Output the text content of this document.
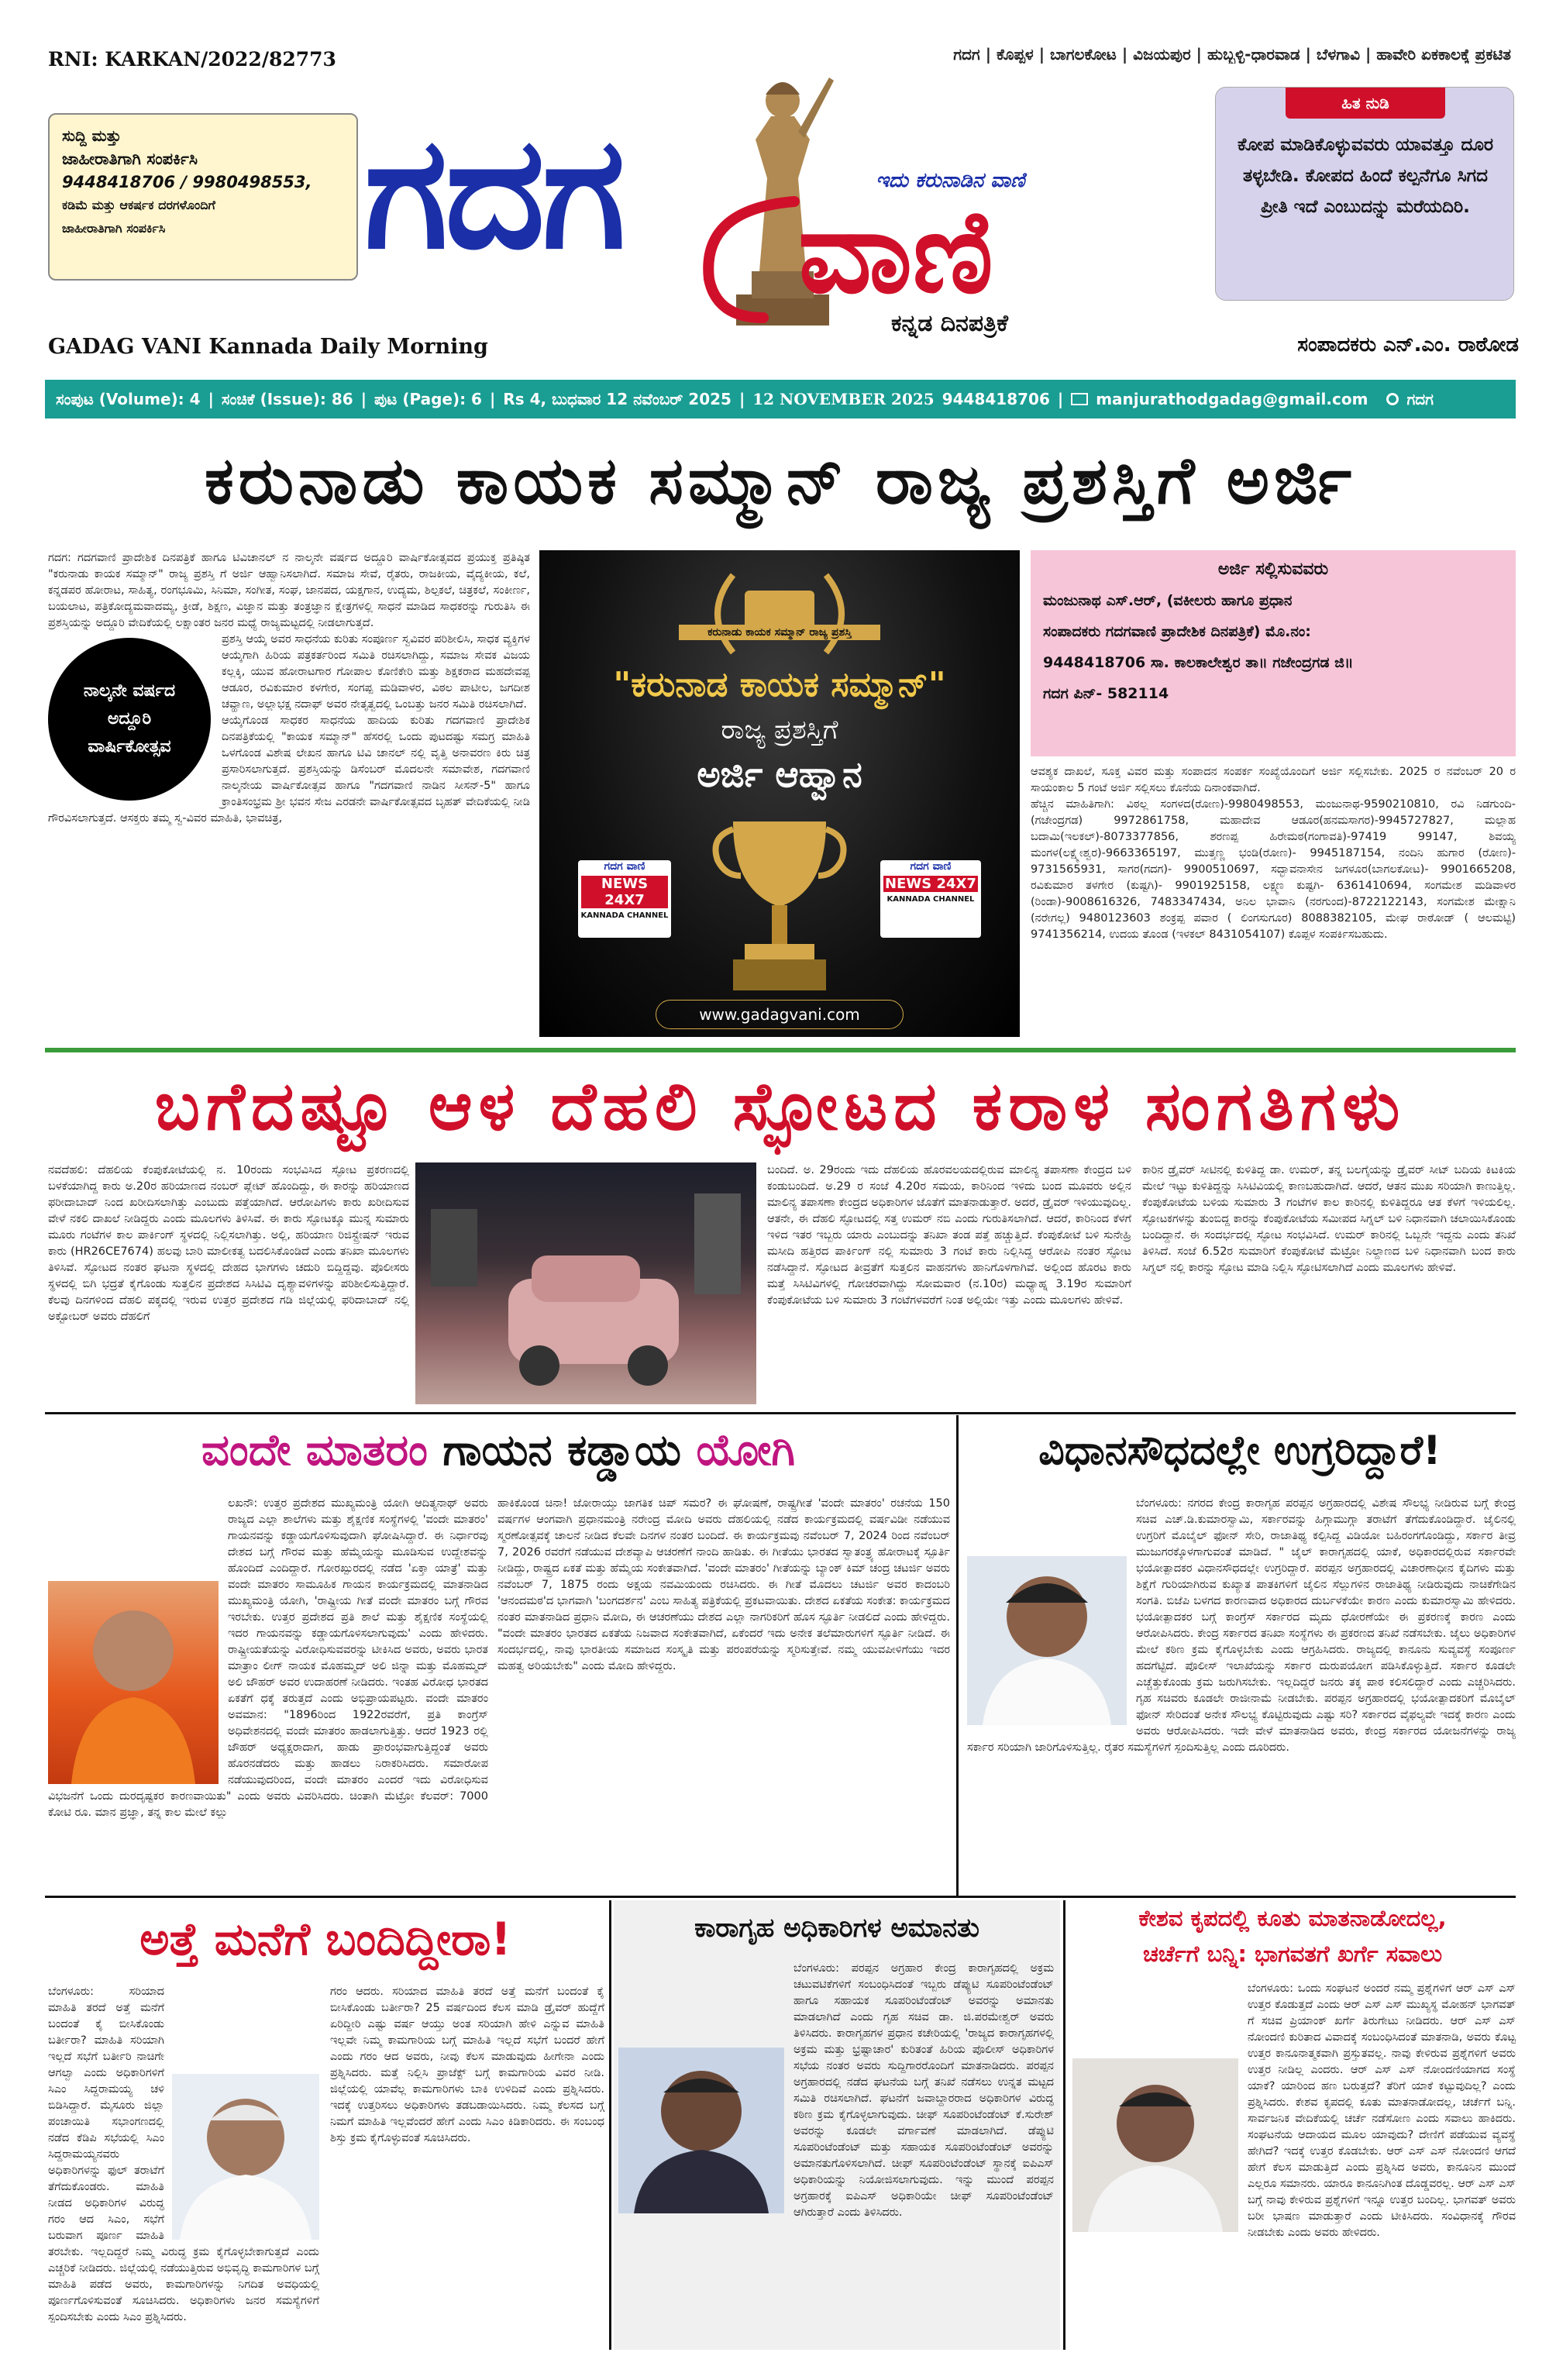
RNI: KARKAN/2022/82773	ಗದಗ | ಕೊಪ್ಪಳ | ಬಾಗಲಕೋಟ | ವಿಜಯಪುರ | ಹುಬ್ಬಳ್ಳಿ-ಧಾರವಾಡ | ಬೆಳಗಾವಿ | ಹಾವೇರಿ ಏಕಕಾಲಕ್ಕೆ ಪ್ರಕಟಿತ
ಸುದ್ದಿ ಮತ್ತು
ಜಾಹೀರಾತಿಗಾಗಿ ಸಂಪರ್ಕಿಸಿ
9448418706 / 9980498553,
ಕಡಿಮೆ ಮತ್ತು ಆಕರ್ಷಕ ದರಗಳೊಂದಿಗೆ
ಜಾಹೀರಾತಿಗಾಗಿ ಸಂಪರ್ಕಿಸಿ
GADAG VANI Kannada Daily Morning
ಗದಗ	ಇದು ಕರುನಾಡಿನ ವಾಣಿ
ವಾಣಿ
ಕನ್ನಡ ದಿನಪತ್ರಿಕೆ
ಹಿತ ನುಡಿ
ಕೋಪ ಮಾಡಿಕೊಳ್ಳುವವರು ಯಾವತ್ತೂ ದೂರ ತಳ್ಳಬೇಡಿ. ಕೋಪದ ಹಿಂದೆ ಕಲ್ಪನೆಗೂ ಸಿಗದ ಪ್ರೀತಿ ಇದೆ ಎಂಬುದನ್ನು ಮರೆಯದಿರಿ.
ಸಂಪಾದಕರು ಎನ್.ಎಂ. ರಾಠೋಡ
ಸಂಪುಟ (Volume): 4 | ಸಂಚಿಕೆ (Issue): 86 | ಪುಟ (Page): 6 | Rs 4, ಬುಧವಾರ 12 ನವೆಂಬರ್ 2025 | 12 NOVEMBER 2025 9448418706 | manjurathodgadag@gmail.com	ಗದಗ
ಕರುನಾಡು ಕಾಯಕ ಸಮ್ಮಾನ್ ರಾಜ್ಯ ಪ್ರಶಸ್ತಿಗೆ ಅರ್ಜಿ

ಗದಗ: ಗದಗವಾಣಿ ಪ್ರಾದೇಶಿಕ ದಿನಪತ್ರಿಕೆ ಹಾಗೂ ಟಿವಿಚಾನಲ್ ನ ನಾಲ್ಕನೇ ವರ್ಷದ ಅದ್ದೂರಿ ವಾರ್ಷಿಕೋತ್ಸವದ ಪ್ರಯುಕ್ತ ಪ್ರತಿಷ್ಠಿತ "ಕರುನಾಡು ಕಾಯಕ ಸಮ್ಮಾನ್" ರಾಜ್ಯ ಪ್ರಶಸ್ತಿ ಗೆ ಅರ್ಜಿ ಆಹ್ವಾನಿಸಲಾಗಿದೆ. ಸಮಾಜ ಸೇವೆ, ರೈತರು, ರಾಜಕೀಯ, ವೈದ್ಯಕೀಯ, ಕಲೆ, ಕನ್ನಡಪರ ಹೋರಾಟ, ಸಾಹಿತ್ಯ, ರಂಗಭೂಮಿ, ಸಿನಿಮಾ, ಸಂಗೀತ, ಸಂಘ, ಜಾನಪದ, ಯಕ್ಷಗಾನ, ಉದ್ಯಮ, ಶಿಲ್ಪಕಲೆ, ಚಿತ್ರಕಲೆ, ಸಂಕೀರ್ಣ, ಬಯಲಾಟ, ಪತ್ರಿಕೋದ್ಯಮವಾದಮ್ಯ, ಕ್ರೀಡೆ, ಶಿಕ್ಷಣ, ವಿಜ್ಞಾನ ಮತ್ತು ತಂತ್ರಜ್ಞಾನ ಕ್ಷೇತ್ರಗಳಲ್ಲಿ ಸಾಧನೆ ಮಾಡಿದ ಸಾಧಕರನ್ನು ಗುರುತಿಸಿ ಈ ಪ್ರಶಸ್ತಿಯನ್ನು ಅದ್ದೂರಿ ವೇದಿಕೆಯಲ್ಲಿ ಲಕ್ಷಾಂತರ ಜನರ ಮಧ್ಯೆ ರಾಜ್ಯಮಟ್ಟದಲ್ಲಿ ನೀಡಲಾಗುತ್ತದೆ.

ನಾಲ್ಕನೇ ವರ್ಷದ ಅದ್ದೂರಿ ವಾರ್ಷಿಕೋತ್ಸವ

ಪ್ರಶಸ್ತಿ ಆಯ್ಕೆ ಅವರ ಸಾಧನೆಯ ಕುರಿತು ಸಂಪೂರ್ಣ ಸ್ವವಿವರ ಪರಿಶೀಲಿಸಿ, ಸಾಧಕ ವ್ಯಕ್ತಿಗಳ ಆಯ್ಕೆಗಾಗಿ ಹಿರಿಯ ಪತ್ರಕರ್ತರಿಂದ ಸಮಿತಿ ರಚಿಸಲಾಗಿದ್ದು, ಸಮಾಜ ಸೇವಕ ವಿಜಯ ಕಲ್ಲಕ್ಕಿ, ಯುವ ಹೋರಾಟಗಾರ ಗೋಪಾಲ ಕೊಣಿಕೇರಿ ಮತ್ತು ಶಿಕ್ಷಕರಾದ ಮಹದೇವಪ್ಪ ಆಡೂರ, ರವಿಕುಮಾರ ಕಳಗೇರ, ಸಂಗಪ್ಪ ಮಡಿವಾಳರ, ವಿಠಲ ಪಾಟೀಲ, ಜಗದೀಶ ಚವ್ಹಾಣ, ಅಲ್ಲಾಭಕ್ಷ ನದಾಫ್ ಅವರ ನೇತೃತ್ವದಲ್ಲಿ ಒಂಬತ್ತು ಜನರ ಸಮಿತಿ ರಚಿಸಲಾಗಿದೆ.

ಆಯ್ಕೆಗೊಂಡ ಸಾಧಕರ ಸಾಧನೆಯ ಹಾದಿಯ ಕುರಿತು ಗದಗವಾಣಿ ಪ್ರಾದೇಶಿಕ ದಿನಪತ್ರಿಕೆಯಲ್ಲಿ "ಕಾಯಕ ಸಮ್ಮಾನ್" ಹೆಸರಲ್ಲಿ ಒಂದು ಪುಟದಷ್ಟು ಸಮಗ್ರ ಮಾಹಿತಿ ಒಳಗೊಂಡ ವಿಶೇಷ ಲೇಖನ ಹಾಗೂ ಟಿವಿ ಚಾನಲ್ ನಲ್ಲಿ ವೃತ್ತಿ ಅನಾವರಣ ಕಿರು ಚಿತ್ರ ಪ್ರಸಾರಿಸಲಾಗುತ್ತದೆ. ಪ್ರಶಸ್ತಿಯನ್ನು ಡಿಸೆಂಬರ್ ಮೊದಲನೇ ಸಮಾವೇಶ, ಗದಗವಾಣಿ ನಾಲ್ಕನೇಯ ವಾರ್ಷಿಕೋತ್ಸವ ಹಾಗೂ "ಗದಗವಾಣಿ ನಾಡಿನ ಸೀಸನ್-5" ಹಾಗೂ ಕ್ರಾಂತಿಸಂಭ್ರಮ ಶ್ರೀ ಭವನ ಸೇಜ ಎರಡನೇ ವಾರ್ಷಿಕೋತ್ಸವದ ಬೃಹತ್ ವೇದಿಕೆಯಲ್ಲಿ ನೀಡಿ ಗೌರವಿಸಲಾಗುತ್ತದೆ. ಆಸಕ್ತರು ತಮ್ಮ ಸ್ವ-ವಿವರ ಮಾಹಿತಿ, ಭಾವಚಿತ್ರ,

ಕರುನಾಡು ಕಾಯಕ ಸಮ್ಮಾನ್ ರಾಜ್ಯ ಪ್ರಶಸ್ತಿ
"ಕರುನಾಡ ಕಾಯಕ ಸಮ್ಮಾನ್"
ರಾಜ್ಯ ಪ್ರಶಸ್ತಿಗೆ
ಅರ್ಜಿ ಆಹ್ವಾನ
ಗದಗ ವಾಣಿ
NEWS 24X7
KANNADA CHANNEL
ಗದಗ ವಾಣಿ
NEWS 24X7
KANNADA CHANNEL
www.gadagvani.com
ಅರ್ಜಿ ಸಲ್ಲಿಸುವವರು
ಮಂಜುನಾಥ ಎಸ್.ಆರ್, (ವಕೀಲರು ಹಾಗೂ ಪ್ರಧಾನ
ಸಂಪಾದಕರು ಗದಗವಾಣಿ ಪ್ರಾದೇಶಿಕ ದಿನಪತ್ರಿಕೆ) ಮೊ.ನಂ:
9448418706 ಸಾ. ಕಾಲಕಾಲೇಶ್ವರ ತಾ॥ ಗಜೇಂದ್ರಗಡ ಜಿ॥
ಗದಗ ಪಿನ್- 582114

ಆವಶ್ಯಕ ದಾಖಲೆ, ಸೂಕ್ತ ವಿವರ ಮತ್ತು ಸಂಪಾದನ ಸಂಪರ್ಕ ಸಂಖ್ಯೆಯೊಂದಿಗೆ ಅರ್ಜಿ ಸಲ್ಲಿಸಬೇಕು. 2025 ರ ನವೆಂಬರ್ 20 ರ ಸಾಯಂಕಾಲ 5 ಗಂಟೆ ಅರ್ಜಿ ಸಲ್ಲಿಸಲು ಕೊನೆಯ ದಿನಾಂಕವಾಗಿದೆ.

ಹೆಚ್ಚಿನ ಮಾಹಿತಿಗಾಗಿ: ವಿಠಲ್ಲ ಸಂಗಳದ(ರೋಣ)-9980498553, ಮಂಜುನಾಥ-9590210810, ರವಿ ನಿಡಗುಂದಿ-(ಗಜೇಂದ್ರಗಡ) 9972861758, ಮಹಾದೇವ ಆಡೂರ(ಹನಮಸಾಗರ)-9945727827, ಮಲ್ಲಾಹ ಬದಾಮಿ(ಇಲಕಲ್)-8073377856, ಶರಣಪ್ಪ ಹಿರೇಮಠ(ಗಂಗಾವತಿ)-97419 99147, ಶಿವಯ್ಯ ಮಂಗಳ(ಲಕ್ಷ್ಮೇಶ್ವರ)-9663365197, ಮುತ್ತಣ್ಣ ಭಂಡಿ(ರೋಣ)- 9945187154, ನಂದಿನಿ ಹುಗಾರ (ರೋಣ)- 9731565931, ಸಾಗರ(ಗದಗ)- 9900510697, ಸದ್ಭಾವನಾಸೇನ ಜಗಳೂರ(ಬಾಗಲಕೋಟ)- 9901665208, ರವಿಕುಮಾರ ತಳಗೇರ (ಕುಷ್ಟಗಿ)- 9901925158, ಲಕ್ಷ್ಮಣ ಕುಷ್ಟಗಿ- 6361410694, ಸಂಗಮೇಶ ಮಡಿವಾಳರ (ರಿಂಡಾ)-9008616326, 7483347434, ಅನಿಲ ಭಾವಾನಿ (ನರಗುಂದ)-8722122143, ಸಂಗಮೇಶ ಮೇಕ್ಷಾನಿ (ನರೇಗಲ್ಲ) 9480123603 ಶಂಕ್ರಪ್ಪ ಪವಾರ ( ಲಿಂಗಸುಗೂರ) 8088382105, ಮೇಘ ರಾಠೋಡ್ ( ಆಲಮಟ್ಟಿ) 9741356214, ಉದಯ ತೊಂಡ (ಇಳಕಲ್ 8431054107) ಕೊಪ್ಪಳ ಸಂಪರ್ಕಿಸಬಹುದು.

ಬಗೆದಷ್ಟೂ ಆಳ ದೆಹಲಿ ಸ್ಫೋಟದ ಕರಾಳ ಸಂಗತಿಗಳು

ನವದೆಹಲಿ: ದೆಹಲಿಯ ಕೆಂಪುಕೋಟೆಯಲ್ಲಿ ನ. 10ರಂದು ಸಂಭವಿಸಿದ ಸ್ಫೋಟ ಪ್ರಕರಣದಲ್ಲಿ ಬಳಕೆಯಾಗಿದ್ದ ಕಾರು ಅ.20ರ ಹರಿಯಾಣದ ನಂಬರ್ ಪ್ಲೇಟ್ ಹೊಂದಿದ್ದು, ಈ ಕಾರನ್ನು ಹರಿಯಾಣದ ಫರೀದಾಬಾದ್ ನಿಂದ ಖರೀದಿಸಲಾಗಿತ್ತು ಎಂಬುದು ಪತ್ತೆಯಾಗಿದೆ. ಆರೋಪಿಗಳು ಕಾರು ಖರೀದಿಸುವ ವೇಳೆ ನಕಲಿ ದಾಖಲೆ ನೀಡಿದ್ದರು ಎಂದು ಮೂಲಗಳು ತಿಳಿಸಿವೆ. ಈ ಕಾರು ಸ್ಫೋಟಕ್ಕೂ ಮುನ್ನ ಸುಮಾರು ಮೂರು ಗಂಟೆಗಳ ಕಾಲ ಪಾರ್ಕಿಂಗ್ ಸ್ಥಳದಲ್ಲಿ ನಿಲ್ಲಿಸಲಾಗಿತ್ತು. ಅಲ್ಲಿ, ಹರಿಯಾಣ ರಿಜಿಸ್ಟ್ರೇಷನ್ ಇರುವ ಕಾರು (HR26CE7674) ಹಲವು ಬಾರಿ ಮಾಲೀಕತ್ವ ಬದಲಿಸಿಕೊಂಡಿದೆ ಎಂದು ತನಿಖಾ ಮೂಲಗಳು ತಿಳಿಸಿವೆ. ಸ್ಫೋಟದ ನಂತರ ಘಟನಾ ಸ್ಥಳದಲ್ಲಿ ದೇಹದ ಭಾಗಗಳು ಚದುರಿ ಬಿದ್ದಿದ್ದವು. ಪೊಲೀಸರು ಸ್ಥಳದಲ್ಲಿ ಬಿಗಿ ಭದ್ರತೆ ಕೈಗೊಂಡು ಸುತ್ತಲಿನ ಪ್ರದೇಶದ ಸಿಸಿಟಿವಿ ದೃಶ್ಯಾವಳಿಗಳನ್ನು ಪರಿಶೀಲಿಸುತ್ತಿದ್ದಾರೆ. ಕೆಲವು ದಿನಗಳಿಂದ ದೆಹಲಿ ಪಕ್ಕದಲ್ಲಿ ಇರುವ ಉತ್ತರ ಪ್ರದೇಶದ ಗಡಿ ಜಿಲ್ಲೆಯಲ್ಲಿ ಫರಿದಾಬಾದ್ ನಲ್ಲಿ ಅಕ್ಟೋಬರ್ ಅವರು ದೆಹಲಿಗೆ

ಬಂದಿದೆ. ಅ. 29ರಂದು ಇದು ದೆಹಲಿಯ ಹೊರವಲಯದಲ್ಲಿರುವ ಮಾಲಿನ್ಯ ತಪಾಸಣಾ ಕೇಂದ್ರದ ಬಳಿ ಕಂಡುಬಂದಿದೆ. ಅ.29 ರ ಸಂಜೆ 4.20ರ ಸಮಯ, ಕಾರಿನಿಂದ ಇಳಿದು ಬಂದ ಮೂವರು ಅಲ್ಲಿನ ಮಾಲಿನ್ಯ ತಪಾಸಣಾ ಕೇಂದ್ರದ ಅಧಿಕಾರಿಗಳ ಜೊತೆಗೆ ಮಾತನಾಡುತ್ತಾರೆ. ಅದರೆ, ಡ್ರೈವರ್ ಇಳಿಯುವುದಿಲ್ಲ. ಆತನೇ, ಈ ದೆಹಲಿ ಸ್ಫೋಟದಲ್ಲಿ ಸತ್ತ ಉಮರ್ ನಬಿ ಎಂದು ಗುರುತಿಸಲಾಗಿದೆ. ಆದರೆ, ಕಾರಿನಿಂದ ಕೆಳಗೆ ಇಳಿದ ಇತರ ಇಬ್ಬರು ಯಾರು ಎಂಬುದನ್ನು ತನಿಖಾ ತಂಡ ಪತ್ತೆ ಹಚ್ಚುತ್ತಿದೆ. ಕೆಂಪುಕೋಟೆ ಬಳಿ ಸುನೇಹ್ರಿ ಮಸೀದಿ ಹತ್ತಿರದ ಪಾರ್ಕಿಂಗ್ ನಲ್ಲಿ ಸುಮಾರು 3 ಗಂಟೆ ಕಾರು ನಿಲ್ಲಿಸಿದ್ದ ಆರೋಪಿ ನಂತರ ಸ್ಫೋಟ ನಡೆಸಿದ್ದಾನೆ. ಸ್ಫೋಟದ ತೀವ್ರತೆಗೆ ಸುತ್ತಲಿನ ವಾಹನಗಳು ಹಾನಿಗೊಳಗಾಗಿವೆ. ಅಲ್ಲಿಂದ ಹೊರಟ ಕಾರು ಮತ್ತೆ ಸಿಸಿಟಿವಿಗಳಲ್ಲಿ ಗೋಚರವಾಗಿದ್ದು ಸೋಮವಾರ (ನ.10ರ) ಮಧ್ಯಾಹ್ನ 3.19ರ ಸುಮಾರಿಗೆ ಕೆಂಪುಕೋಟೆಯ ಬಳಿ ಸುಮಾರು 3 ಗಂಟೆಗಳವರೆಗೆ ನಿಂತ ಅಲ್ಲಿಯೇ ಇತ್ತು ಎಂದು ಮೂಲಗಳು ಹೇಳಿವೆ.

ಕಾರಿನ ಡ್ರೈವರ್ ಸೀಟಿನಲ್ಲಿ ಕುಳಿತಿದ್ದ ಡಾ. ಉಮರ್, ತನ್ನ ಬಲಗೈಯನ್ನು ಡ್ರೈವರ್ ಸೀಟ್ ಬದಿಯ ಕಿಟಕಿಯ ಮೇಲೆ ಇಟ್ಟು ಕುಳಿತಿದ್ದನ್ನು ಸಿಸಿಟಿವಿಯಲ್ಲಿ ಕಾಣಬಹುದಾಗಿದೆ. ಆದರೆ, ಆತನ ಮುಖ ಸರಿಯಾಗಿ ಕಾಣುತ್ತಿಲ್ಲ. ಕೆಂಪುಕೋಟೆಯ ಬಳಿಯ ಸುಮಾರು 3 ಗಂಟೆಗಳ ಕಾಲ ಕಾರಿನಲ್ಲಿ ಕುಳಿತಿದ್ದರೂ ಆತ ಕೆಳಗೆ ಇಳಿಯಲಿಲ್ಲ. ಸ್ಫೋಟಕಗಳನ್ನು ತುಂಬಿದ್ದ ಕಾರನ್ನು ಕೆಂಪುಕೋಟೆಯ ಸಮೀಪದ ಸಿಗ್ನಲ್ ಬಳಿ ನಿಧಾನವಾಗಿ ಚಲಾಯಿಸಿಕೊಂಡು ಬಂದಿದ್ದಾನೆ. ಈ ಸಂದರ್ಭದಲ್ಲಿ ಸ್ಫೋಟ ಸಂಭವಿಸಿದೆ. ಉಮರ್ ಕಾರಿನಲ್ಲಿ ಒಬ್ಬನೇ ಇದ್ದನು ಎಂದು ತನಿಖೆ ತಿಳಿಸಿದೆ. ಸಂಜೆ 6.52ರ ಸುಮಾರಿಗೆ ಕೆಂಪುಕೋಟೆ ಮೆಟ್ರೋ ನಿಲ್ದಾಣದ ಬಳಿ ನಿಧಾನವಾಗಿ ಬಂದ ಕಾರು ಸಿಗ್ನಲ್ ನಲ್ಲಿ ಕಾರನ್ನು ಸ್ಫೋಟ ಮಾಡಿ ನಿಲ್ಲಿಸಿ ಸ್ಫೋಟಿಸಲಾಗಿದೆ ಎಂದು ಮೂಲಗಳು ಹೇಳಿವೆ.

ವಂದೇ ಮಾತರಂ ಗಾಯನ ಕಡ್ಡಾಯ ಯೋಗಿ

ಲಖನೌ: ಉತ್ತರ ಪ್ರದೇಶದ ಮುಖ್ಯಮಂತ್ರಿ ಯೋಗಿ ಆದಿತ್ಯನಾಥ್ ಅವರು ರಾಜ್ಯದ ಎಲ್ಲಾ ಶಾಲೆಗಳು ಮತ್ತು ಶೈಕ್ಷಣಿಕ ಸಂಸ್ಥೆಗಳಲ್ಲಿ 'ವಂದೇ ಮಾತರಂ' ಗಾಯನವನ್ನು ಕಡ್ಡಾಯಗೊಳಿಸುವುದಾಗಿ ಘೋಷಿಸಿದ್ದಾರೆ. ಈ ನಿರ್ಧಾರವು ದೇಶದ ಬಗ್ಗೆ ಗೌರವ ಮತ್ತು ಹೆಮ್ಮೆಯನ್ನು ಮೂಡಿಸುವ ಉದ್ದೇಶವನ್ನು ಹೊಂದಿದೆ ಎಂದಿದ್ದಾರೆ. ಗೋರಖ್ಪುರದಲ್ಲಿ ನಡೆದ 'ಏಕ್ತಾ ಯಾತ್ರೆ' ಮತ್ತು ವಂದೇ ಮಾತರಂ ಸಾಮೂಹಿಕ ಗಾಯನ ಕಾರ್ಯಕ್ರಮದಲ್ಲಿ ಮಾತನಾಡಿದ ಮುಖ್ಯಮಂತ್ರಿ ಯೋಗಿ, 'ರಾಷ್ಟ್ರೀಯ ಗೀತೆ ವಂದೇ ಮಾತರಂ ಬಗ್ಗೆ ಗೌರವ ಇರಬೇಕು. ಉತ್ತರ ಪ್ರದೇಶದ ಪ್ರತಿ ಶಾಲೆ ಮತ್ತು ಶೈಕ್ಷಣಿಕ ಸಂಸ್ಥೆಯಲ್ಲಿ ಇದರ ಗಾಯನವನ್ನು ಕಡ್ಡಾಯಗೊಳಿಸಲಾಗುವುದು' ಎಂದು ಹೇಳಿದರು. ರಾಷ್ಟ್ರೀಯತೆಯನ್ನು ವಿರೋಧಿಸುವವರನ್ನು ಟೀಕಿಸಿದ ಅವರು, ಅವರು ಭಾರತ ಮಾತ್ರಾಂ ಲೀಗ್ ನಾಯಕ ಮೊಹಮ್ಮದ್ ಅಲಿ ಜಿನ್ನಾ ಮತ್ತು ಮೊಹಮ್ಮದ್ ಅಲಿ ಜೌಹರ್ ಅವರ ಉದಾಹರಣೆ ನೀಡಿದರು. ಇಂತಹ ವಿರೋಧ ಭಾರತದ ಏಕತೆಗೆ ಧಕ್ಕೆ ತರುತ್ತದೆ ಎಂದು ಅಭಿಪ್ರಾಯಪಟ್ಟರು. ವಂದೇ ಮಾತರಂ ಅವಮಾನ: "1896ರಿಂದ 1922ರವರೆಗೆ, ಪ್ರತಿ ಕಾಂಗ್ರೆಸ್ ಅಧಿವೇಶನದಲ್ಲಿ ವಂದೇ ಮಾತರಂ ಹಾಡಲಾಗುತ್ತಿತ್ತು. ಆದರೆ 1923 ರಲ್ಲಿ ಜೌಹರ್ ಅಧ್ಯಕ್ಷರಾದಾಗ, ಹಾಡು ಪ್ರಾರಂಭವಾಗುತ್ತಿದ್ದಂತೆ ಅವರು ಹೊರನಡೆದರು ಮತ್ತು ಹಾಡಲು ನಿರಾಕರಿಸಿದರು. ಸಮಾರೋಪ ನಡೆಯುವುದರಿಂದ, ವಂದೇ ಮಾತರಂ ಎಂದರೆ ಇದು ವಿರೋಧಿಸುವ ವಿಭಜನೆಗೆ ಒಂದು ದುರದೃಷ್ಟಕರ ಕಾರಣವಾಯಿತು" ಎಂದು ಅವರು ವಿವರಿಸಿದರು. ಚಿಂತಾಗಿ ಮೆಟ್ರೋ ಕೆಲವರ್: 7000 ಕೋಟಿ ರೂ. ಮಾನ ಪ್ರಜ್ಞಾ, ತನ್ನ ಕಾಲ ಮೇಲೆ ಕಲ್ಲು

ಹಾಕಿಕೊಂಡ ಚಿನಾ! ಜೋರಾಯ್ತು ಜಾಗತಿಕ ಚಿಪ್ ಸಮರ? ಈ ಘೋಷಣೆ, ರಾಷ್ಟ್ರಗೀತೆ 'ವಂದೇ ಮಾತರಂ' ರಚನೆಯ 150 ವರ್ಷಗಳ ಆಂಗವಾಗಿ ಪ್ರಧಾನಮಂತ್ರಿ ನರೇಂದ್ರ ಮೋದಿ ಅವರು ದೆಹಲಿಯಲ್ಲಿ ನಡೆದ ಕಾರ್ಯಕ್ರಮದಲ್ಲಿ ವರ್ಷವಿಡೀ ನಡೆಯುವ ಸ್ಮರಣೋತ್ಸವಕ್ಕೆ ಚಾಲನೆ ನೀಡಿದ ಕೆಲವೇ ದಿನಗಳ ನಂತರ ಬಂದಿದೆ. ಈ ಕಾರ್ಯಕ್ರಮವು ನವೆಂಬರ್ 7, 2024 ರಿಂದ ನವೆಂಬರ್ 7, 2026 ರವರೆಗೆ ನಡೆಯುವ ದೇಶವ್ಯಾಪಿ ಆಚರಣೆಗೆ ನಾಂದಿ ಹಾಡಿತು. ಈ ಗೀತೆಯು ಭಾರತದ ಸ್ವಾತಂತ್ರ್ಯ ಹೋರಾಟಕ್ಕೆ ಸ್ಪೂರ್ತಿ ನೀಡಿದ್ದು, ರಾಷ್ಟ್ರದ ಏಕತೆ ಮತ್ತು ಹೆಮ್ಮೆಯ ಸಂಕೇತವಾಗಿದೆ. 'ವಂದೇ ಮಾತರಂ' ಗೀತೆಯನ್ನು ಬ್ಯಾಂಕ್ ಕಿಮ್ ಚಂದ್ರ ಚಟರ್ಜಿ ಅವರು ನವೆಂಬರ್ 7, 1875 ರಂದು ಅಕ್ಷಯ ನವಮಿಯಂದು ರಚಿಸಿದರು. ಈ ಗೀತೆ ಮೊದಲು ಚಟರ್ಜಿ ಅವರ ಕಾದಂಬರಿ 'ಆನಂದಮಠ'ದ ಭಾಗವಾಗಿ 'ಬಂಗದರ್ಶನ' ಎಂಬ ಸಾಹಿತ್ಯ ಪತ್ರಿಕೆಯಲ್ಲಿ ಪ್ರಕಟವಾಯಿತು. ದೇಶದ ಏಕತೆಯ ಸಂಕೇತ: ಕಾರ್ಯಕ್ರಮದ ನಂತರ ಮಾತನಾಡಿದ ಪ್ರಧಾನಿ ಮೋದಿ, ಈ ಆಚರಣೆಯು ದೇಶದ ಎಲ್ಲಾ ನಾಗರಿಕರಿಗೆ ಹೊಸ ಸ್ಫೂರ್ತಿ ನೀಡಲಿದೆ ಎಂದು ಹೇಳಿದ್ದರು. "ವಂದೇ ಮಾತರಂ ಭಾರತದ ಏಕತೆಯ ನಿಜವಾದ ಸಂಕೇತವಾಗಿದೆ, ಏಕೆಂದರೆ ಇದು ಅನೇಕ ತಲೆಮಾರುಗಳಿಗೆ ಸ್ಫೂರ್ತಿ ನೀಡಿದೆ. ಈ ಸಂದರ್ಭದಲ್ಲಿ, ನಾವು ಭಾರತೀಯ ಸಮಾಜದ ಸಂಸ್ಕೃತಿ ಮತ್ತು ಪರಂಪರೆಯನ್ನು ಸ್ಮರಿಸುತ್ತೇವೆ. ನಮ್ಮ ಯುವಪೀಳಿಗೆಯು ಇದರ ಮಹತ್ವ ಅರಿಯಬೇಕು" ಎಂದು ಮೋದಿ ಹೇಳಿದ್ದರು.

ವಿಧಾನಸೌಧದಲ್ಲೇ ಉಗ್ರರಿದ್ದಾರೆ!

ಬೆಂಗಳೂರು: ನಗರದ ಕೇಂದ್ರ ಕಾರಾಗೃಹ ಪರಪ್ಪನ ಅಗ್ರಹಾರದಲ್ಲಿ ವಿಶೇಷ ಸೌಲಭ್ಯ ನೀಡಿರುವ ಬಗ್ಗೆ ಕೇಂದ್ರ ಸಚಿವ ಎಚ್.ಡಿ.ಕುಮಾರಸ್ವಾಮಿ, ಸರ್ಕಾರವನ್ನು ಹಿಗ್ಗಾಮುಗ್ಗಾ ತರಾಟೆಗೆ ತೆಗೆದುಕೊಂಡಿದ್ದಾರೆ. ಜೈಲಿನಲ್ಲಿ ಉಗ್ರರಿಗೆ ಮೊಬೈಲ್ ಫೋನ್ ಸೇರಿ, ರಾಜಾತಿಥ್ಯ ಕಲ್ಪಿಸಿದ್ದ ವಿಡಿಯೋ ಬಹಿರಂಗಗೊಂಡಿದ್ದು, ಸರ್ಕಾರ ತೀವ್ರ ಮುಜುಗರಕ್ಕೊಳಗಾಗುವಂತೆ ಮಾಡಿದೆ. " ಜೈಲ್ ಕಾರಾಗೃಹದಲ್ಲಿ ಯಾಕೆ, ಅಧಿಕಾರದಲ್ಲಿರುವ ಸರ್ಕಾರವೇ ಭಯೋತ್ಪಾದಕರ ವಿಧಾನಸೌಧದಲ್ಲೇ ಉಗ್ರರಿದ್ದಾರೆ. ಪರಪ್ಪನ ಅಗ್ರಹಾರದಲ್ಲಿ ವಿಚಾರಣಾಧೀನ ಕೈದಿಗಳು ಮತ್ತು ಶಿಕ್ಷೆಗೆ ಗುರಿಯಾಗಿರುವ ಕುಖ್ಯಾತ ಪಾತಕಿಗಳಿಗೆ ಜೈಲಿನ ಸೆಲ್ಲುಗಳಿನ ರಾಜಾತಿಥ್ಯ ನೀಡಿರುವುದು ನಾಚಿಕೆಗೇಡಿನ ಸಂಗತಿ. ಬಿಜೆಪಿ ಬಳಗದ ಕಾರಣವಾದ ಅಧಿಕಾರದ ದುರ್ಬಳಕೆಯೇ ಕಾರಣ ಎಂದು ಕುಮಾರಸ್ವಾಮಿ ಹೇಳಿದರು. ಭಯೋತ್ಪಾದಕರ ಬಗ್ಗೆ ಕಾಂಗ್ರೆಸ್ ಸರ್ಕಾರದ ಮೃದು ಧೋರಣೆಯೇ ಈ ಪ್ರಕರಣಕ್ಕೆ ಕಾರಣ ಎಂದು ಆರೋಪಿಸಿದರು. ಕೇಂದ್ರ ಸರ್ಕಾರದ ತನಿಖಾ ಸಂಸ್ಥೆಗಳು ಈ ಪ್ರಕರಣದ ತನಿಖೆ ನಡೆಸಬೇಕು. ಜೈಲು ಅಧಿಕಾರಿಗಳ ಮೇಲೆ ಕಠಿಣ ಕ್ರಮ ಕೈಗೊಳ್ಳಬೇಕು ಎಂದು ಆಗ್ರಹಿಸಿದರು. ರಾಜ್ಯದಲ್ಲಿ ಕಾನೂನು ಸುವ್ಯವಸ್ಥೆ ಸಂಪೂರ್ಣ ಹದಗೆಟ್ಟಿದೆ. ಪೊಲೀಸ್ ಇಲಾಖೆಯನ್ನು ಸರ್ಕಾರ ದುರುಪಯೋಗ ಪಡಿಸಿಕೊಳ್ಳುತ್ತಿದೆ. ಸರ್ಕಾರ ಕೂಡಲೇ ಎಚ್ಚೆತ್ತುಕೊಂಡು ಕ್ರಮ ಜರುಗಿಸಬೇಕು. ಇಲ್ಲದಿದ್ದರೆ ಜನರು ತಕ್ಕ ಪಾಠ ಕಲಿಸಲಿದ್ದಾರೆ ಎಂದು ಎಚ್ಚರಿಸಿದರು. ಗೃಹ ಸಚಿವರು ಕೂಡಲೇ ರಾಜೀನಾಮೆ ನೀಡಬೇಕು. ಪರಪ್ಪನ ಅಗ್ರಹಾರದಲ್ಲಿ ಭಯೋತ್ಪಾದಕರಿಗೆ ಮೊಬೈಲ್ ಫೋನ್ ಸೇರಿದಂತೆ ಅನೇಕ ಸೌಲಭ್ಯ ಕೊಟ್ಟಿರುವುದು ಎಷ್ಟು ಸರಿ? ಸರ್ಕಾರದ ವೈಫಲ್ಯವೇ ಇದಕ್ಕೆ ಕಾರಣ ಎಂದು ಅವರು ಆರೋಪಿಸಿದರು. ಇದೇ ವೇಳೆ ಮಾತನಾಡಿದ ಅವರು, ಕೇಂದ್ರ ಸರ್ಕಾರದ ಯೋಜನೆಗಳನ್ನು ರಾಜ್ಯ ಸರ್ಕಾರ ಸರಿಯಾಗಿ ಜಾರಿಗೊಳಿಸುತ್ತಿಲ್ಲ. ರೈತರ ಸಮಸ್ಯೆಗಳಿಗೆ ಸ್ಪಂದಿಸುತ್ತಿಲ್ಲ ಎಂದು ದೂರಿದರು.

ಅತ್ತೆ ಮನೆಗೆ ಬಂದಿದ್ದೀರಾ!

ಬೆಂಗಳೂರು: ಸರಿಯಾದ ಮಾಹಿತಿ ತರದೆ ಅತ್ತೆ ಮನೆಗೆ ಬಂದಂತೆ ಕೈ ಬೀಸಿಕೊಂಡು ಬರ್ತೀರಾ? ಮಾಹಿತಿ ಸರಿಯಾಗಿ ಇಲ್ಲದೆ ಸಭೆಗೆ ಬರ್ತೀರಿ ನಾಚಿಗೇ ಆಗಲ್ವಾ ಎಂದು ಅಧಿಕಾರಿಗಳಿಗೆ ಸಿಎಂ ಸಿದ್ದರಾಮಯ್ಯ ಚಳಿ ಬಿಡಿಸಿದ್ದಾರೆ. ಮೈಸೂರು ಜಿಲ್ಲಾ ಪಂಚಾಯಿತಿ ಸಭಾಂಗಣದಲ್ಲಿ ನಡೆದ ಕೆಡಿಪಿ ಸಭೆಯಲ್ಲಿ ಸಿಎಂ ಸಿದ್ದರಾಮಯ್ಯನವರು ಅಧಿಕಾರಿಗಳನ್ನು ಫುಲ್ ತರಾಟೆಗೆ ತೆಗೆದುಕೊಂಡರು. ಮಾಹಿತಿ ನೀಡದ ಅಧಿಕಾರಿಗಳ ವಿರುದ್ಧ ಗರಂ ಆದ ಸಿಎಂ, ಸಭೆಗೆ ಬರುವಾಗ ಪೂರ್ಣ ಮಾಹಿತಿ ತರಬೇಕು. ಇಲ್ಲದಿದ್ದರೆ ನಿಮ್ಮ ವಿರುದ್ಧ ಕ್ರಮ ಕೈಗೊಳ್ಳಬೇಕಾಗುತ್ತದೆ ಎಂದು ಎಚ್ಚರಿಕೆ ನೀಡಿದರು. ಜಿಲ್ಲೆಯಲ್ಲಿ ನಡೆಯುತ್ತಿರುವ ಅಭಿವೃದ್ಧಿ ಕಾಮಗಾರಿಗಳ ಬಗ್ಗೆ ಮಾಹಿತಿ ಪಡೆದ ಅವರು, ಕಾಮಗಾರಿಗಳನ್ನು ನಿಗದಿತ ಅವಧಿಯಲ್ಲಿ ಪೂರ್ಣಗೊಳಿಸುವಂತೆ ಸೂಚಿಸಿದರು. ಅಧಿಕಾರಿಗಳು ಜನರ ಸಮಸ್ಯೆಗಳಿಗೆ ಸ್ಪಂದಿಸಬೇಕು ಎಂದು ಸಿಎಂ ಪ್ರಶ್ನಿಸಿದರು.

ಗರಂ ಆದರು. ಸರಿಯಾದ ಮಾಹಿತಿ ತರದೆ ಅತ್ತೆ ಮನೆಗೆ ಬಂದಂತೆ ಕೈ ಬೀಸಿಕೊಂಡು ಬರ್ತೀರಾ? 25 ವರ್ಷದಿಂದ ಕೆಲಸ ಮಾಡಿ ಡ್ರೈವರ್ ಹುದ್ದೆಗೆ ಏರಿದ್ದೀರಿ ಎಷ್ಟು ವರ್ಷ ಆಯ್ತು ಅಂತ ಸರಿಯಾಗಿ ಹೇಳಿ ಎನ್ನುವ ಮಾಹಿತಿ ಇಲ್ಲವೇ ನಿಮ್ಮ ಕಾಮಗಾರಿಯ ಬಗ್ಗೆ ಮಾಹಿತಿ ಇಲ್ಲದೆ ಸಭೆಗೆ ಬಂದರೆ ಹೇಗೆ ಎಂದು ಗರಂ ಆದ ಅವರು, ನೀವು ಕೆಲಸ ಮಾಡುವುದು ಹೀಗೇನಾ ಎಂದು ಪ್ರಶ್ನಿಸಿದರು. ಮತ್ತೆ ನಿಲ್ಲಿಸಿ ಪ್ರಾಜೆಕ್ಟ್ ಬಗ್ಗೆ ಕಾಮಗಾರಿಯ ವಿವರ ನೀಡಿ. ಜಿಲ್ಲೆಯಲ್ಲಿ ಯಾವೆಲ್ಲ ಕಾಮಗಾರಿಗಳು ಬಾಕಿ ಉಳಿದಿವೆ ಎಂದು ಪ್ರಶ್ನಿಸಿದರು. ಇದಕ್ಕೆ ಉತ್ತರಿಸಲು ಅಧಿಕಾರಿಗಳು ತಡಬಡಾಯಿಸಿದರು. ನಿಮ್ಮ ಕೆಲಸದ ಬಗ್ಗೆ ನಿಮಗೆ ಮಾಹಿತಿ ಇಲ್ಲವೆಂದರೆ ಹೇಗೆ ಎಂದು ಸಿಎಂ ಕಿಡಿಕಾರಿದರು. ಈ ಸಂಬಂಧ ಶಿಸ್ತು ಕ್ರಮ ಕೈಗೊಳ್ಳುವಂತೆ ಸೂಚಿಸಿದರು.

ಕಾರಾಗೃಹ ಅಧಿಕಾರಿಗಳ ಅಮಾನತು

ಬೆಂಗಳೂರು: ಪರಪ್ಪನ ಅಗ್ರಹಾರ ಕೇಂದ್ರ ಕಾರಾಗೃಹದಲ್ಲಿ ಅಕ್ರಮ ಚಟುವಟಿಕೆಗಳಿಗೆ ಸಂಬಂಧಿಸಿದಂತೆ ಇಬ್ಬರು ಡೆಪ್ಯುಟಿ ಸೂಪರಿಂಟೆಂಡೆಂಟ್ ಹಾಗೂ ಸಹಾಯಕ ಸೂಪರಿಂಟೆಂಡೆಂಟ್ ಅವರನ್ನು ಅಮಾನತು ಮಾಡಲಾಗಿದೆ ಎಂದು ಗೃಹ ಸಚಿವ ಡಾ. ಜಿ.ಪರಮೇಶ್ವರ್ ಅವರು ತಿಳಿಸಿದರು. ಕಾರಾಗೃಹಗಳ ಪ್ರಧಾನ ಕಚೇರಿಯಲ್ಲಿ 'ರಾಜ್ಯದ ಕಾರಾಗೃಹಗಳಲ್ಲಿ ಅಕ್ರಮ ಮತ್ತು ಭ್ರಷ್ಟಾಚಾರ' ಕುರಿತಂತೆ ಹಿರಿಯ ಪೊಲೀಸ್ ಅಧಿಕಾರಿಗಳ ಸಭೆಯ ನಂತರ ಅವರು ಸುದ್ದಿಗಾರರೊಂದಿಗೆ ಮಾತನಾಡಿದರು. ಪರಪ್ಪನ ಅಗ್ರಹಾರದಲ್ಲಿ ನಡೆದ ಘಟನೆಯ ಬಗ್ಗೆ ತನಿಖೆ ನಡೆಸಲು ಉನ್ನತ ಮಟ್ಟದ ಸಮಿತಿ ರಚಿಸಲಾಗಿದೆ. ಘಟನೆಗೆ ಜವಾಬ್ದಾರರಾದ ಅಧಿಕಾರಿಗಳ ವಿರುದ್ಧ ಕಠಿಣ ಕ್ರಮ ಕೈಗೊಳ್ಳಲಾಗುವುದು. ಚೀಫ್ ಸೂಪರಿಂಟೆಂಡೆಂಟ್ ಕೆ.ಸುರೇಶ್ ಅವರನ್ನು ಕೂಡಲೇ ವರ್ಗಾವಣೆ ಮಾಡಲಾಗಿದೆ. ಡೆಪ್ಯುಟಿ ಸೂಪರಿಂಟೆಂಡೆಂಟ್ ಮತ್ತು ಸಹಾಯಕ ಸೂಪರಿಂಟೆಂಡೆಂಟ್ ಅವರನ್ನು ಅಮಾನತುಗೊಳಿಸಲಾಗಿದೆ. ಚೀಫ್ ಸೂಪರಿಂಟೆಂಡೆಂಟ್ ಸ್ಥಾನಕ್ಕೆ ಐಪಿಎಸ್ ಅಧಿಕಾರಿಯನ್ನು ನಿಯೋಜಿಸಲಾಗುವುದು. ಇನ್ನು ಮುಂದೆ ಪರಪ್ಪನ ಅಗ್ರಹಾರಕ್ಕೆ ಐಪಿಎಸ್ ಅಧಿಕಾರಿಯೇ ಚೀಫ್ ಸೂಪರಿಂಟೆಂಡೆಂಟ್ ಆಗಿರುತ್ತಾರೆ ಎಂದು ತಿಳಿಸಿದರು.

ಕೇಶವ ಕೃಪದಲ್ಲಿ ಕೂತು ಮಾತನಾಡೋದಲ್ಲ,
ಚರ್ಚೆಗೆ ಬನ್ನಿ: ಭಾಗವತಗೆ ಖರ್ಗೆ ಸವಾಲು

ಬೆಂಗಳೂರು: ಒಂದು ಸಂಘಟನೆ ಅಂದರೆ ನಮ್ಮ ಪ್ರಶ್ನೆಗಳಿಗೆ ಆರ್ ಎಸ್ ಎಸ್ ಉತ್ತರ ಕೊಡುತ್ತದೆ ಎಂದು ಆರ್ ಎಸ್ ಎಸ್ ಮುಖ್ಯಸ್ಥ ಮೋಹನ್ ಭಾಗವತ್ ಗೆ ಸಚಿವ ಪ್ರಿಯಾಂಕ್ ಖರ್ಗೆ ತಿರುಗೇಟು ನೀಡಿದರು. ಆರ್ ಎಸ್ ಎಸ್ ನೋಂದಣಿ ಕುರಿತಾದ ವಿವಾದಕ್ಕೆ ಸಂಬಂಧಿಸಿದಂತೆ ಮಾತನಾಡಿ, ಅವರು ಕೊಟ್ಟ ಉತ್ತರ ಕಾನೂನಾತ್ಮಕವಾಗಿ ಪ್ರಸ್ತುತವಲ್ಲ. ನಾವು ಕೇಳಿರುವ ಪ್ರಶ್ನೆಗಳಿಗೆ ಅವರು ಉತ್ತರ ನೀಡಿಲ್ಲ ಎಂದರು. ಆರ್ ಎಸ್ ಎಸ್ ನೋಂದಣಿಯಾಗದ ಸಂಸ್ಥೆ ಯಾಕೆ? ಯಾರಿಂದ ಹಣ ಬರುತ್ತದೆ? ತೆರಿಗೆ ಯಾಕೆ ಕಟ್ಟುವುದಿಲ್ಲ? ಎಂದು ಪ್ರಶ್ನಿಸಿದರು. ಕೇಶವ ಕೃಪದಲ್ಲಿ ಕೂತು ಮಾತನಾಡೋದಲ್ಲ, ಚರ್ಚೆಗೆ ಬನ್ನಿ. ಸಾರ್ವಜನಿಕ ವೇದಿಕೆಯಲ್ಲಿ ಚರ್ಚೆ ನಡೆಸೋಣ ಎಂದು ಸವಾಲು ಹಾಕಿದರು. ಸಂಘಟನೆಯ ಆದಾಯದ ಮೂಲ ಯಾವುದು? ದೇಣಿಗೆ ಪಡೆಯುವ ವ್ಯವಸ್ಥೆ ಹೇಗಿದೆ? ಇದಕ್ಕೆ ಉತ್ತರ ಕೊಡಬೇಕು. ಆರ್ ಎಸ್ ಎಸ್ ನೋಂದಣಿ ಆಗದೆ ಹೇಗೆ ಕೆಲಸ ಮಾಡುತ್ತಿದೆ ಎಂದು ಪ್ರಶ್ನಿಸಿದ ಅವರು, ಕಾನೂನಿನ ಮುಂದೆ ಎಲ್ಲರೂ ಸಮಾನರು. ಯಾರೂ ಕಾನೂನಿಗಿಂತ ದೊಡ್ಡವರಲ್ಲ. ಆರ್ ಎಸ್ ಎಸ್ ಬಗ್ಗೆ ನಾವು ಕೇಳಿರುವ ಪ್ರಶ್ನೆಗಳಿಗೆ ಇನ್ನೂ ಉತ್ತರ ಬಂದಿಲ್ಲ. ಭಾಗವತ್ ಅವರು ಬರೀ ಭಾಷಣ ಮಾಡುತ್ತಾರೆ ಎಂದು ಟೀಕಿಸಿದರು. ಸಂವಿಧಾನಕ್ಕೆ ಗೌರವ ನೀಡಬೇಕು ಎಂದು ಅವರು ಹೇಳಿದರು.
